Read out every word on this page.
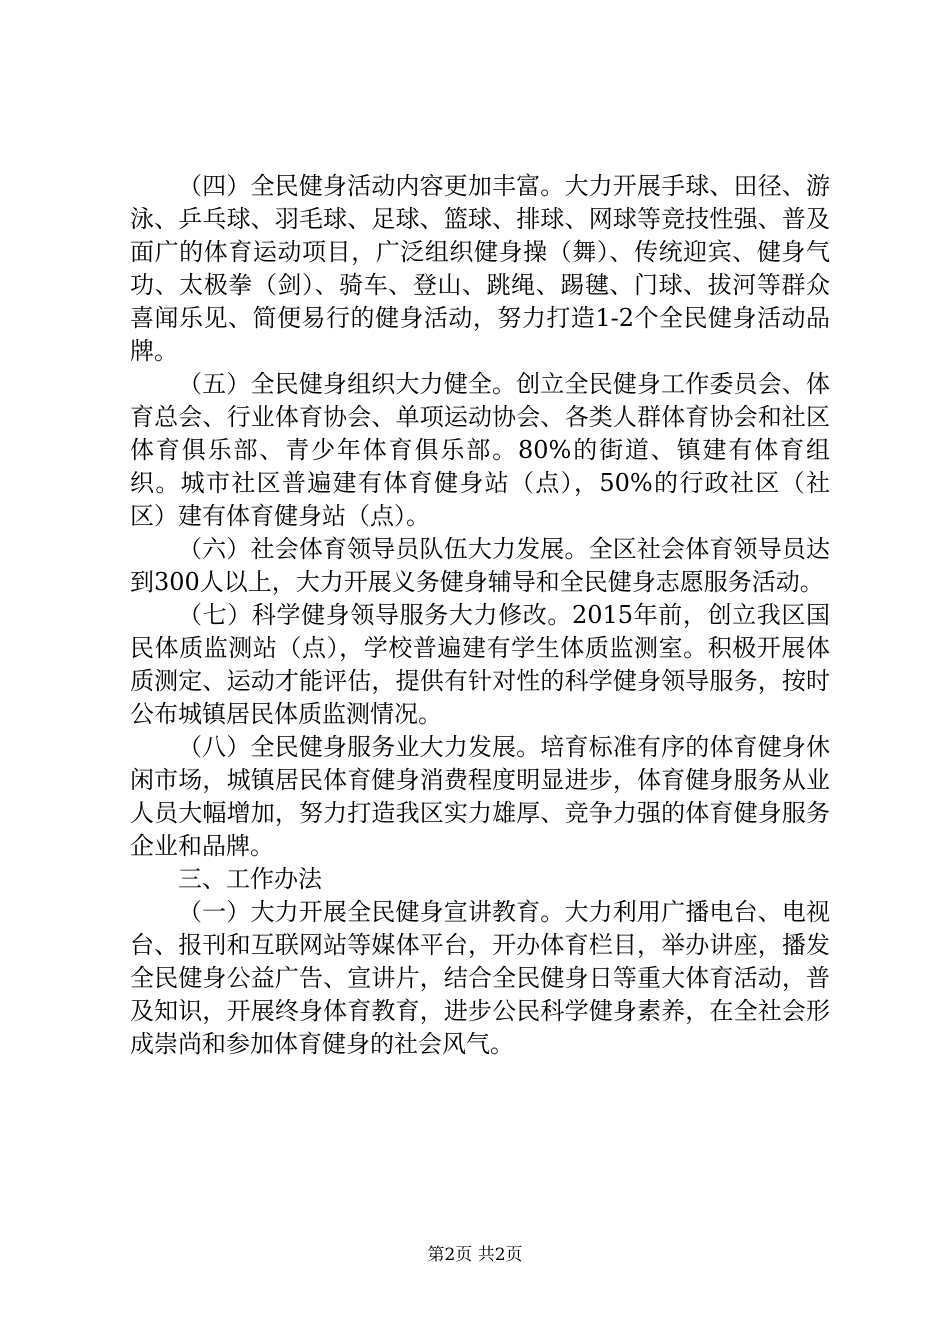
（四）全民健身活动内容更加丰富。大力开展手球、田径、游泳、乒乓球、羽毛球、足球、篮球、排球、网球等竞技性强、普及面广的体育运动项目，广泛组织健身操（舞）、传统迎宾、健身气功、太极拳（剑）、骑车、登山、跳绳、踢毽、门球、拔河等群众喜闻乐见、简便易行的健身活动，努力打造1-2个全民健身活动品牌。

（五）全民健身组织大力健全。创立全民健身工作委员会、体育总会、行业体育协会、单项运动协会、各类人群体育协会和社区体育俱乐部、青少年体育俱乐部。80%的街道、镇建有体育组织。城市社区普遍建有体育健身站（点），50%的行政社区（社区）建有体育健身站（点）。

（六）社会体育领导员队伍大力发展。全区社会体育领导员达到300人以上，大力开展义务健身辅导和全民健身志愿服务活动。

（七）科学健身领导服务大力修改。2015年前，创立我区国民体质监测站（点），学校普遍建有学生体质监测室。积极开展体质测定、运动才能评估，提供有针对性的科学健身领导服务，按时公布城镇居民体质监测情况。

（八）全民健身服务业大力发展。培育标准有序的体育健身休闲市场，城镇居民体育健身消费程度明显进步，体育健身服务从业人员大幅增加，努力打造我区实力雄厚、竞争力强的体育健身服务企业和品牌。

三、工作办法

（一）大力开展全民健身宣讲教育。大力利用广播电台、电视台、报刊和互联网站等媒体平台，开办体育栏目，举办讲座，播发全民健身公益广告、宣讲片，结合全民健身日等重大体育活动，普及知识，开展终身体育教育，进步公民科学健身素养，在全社会形成崇尚和参加体育健身的社会风气。

第2页 共2页
